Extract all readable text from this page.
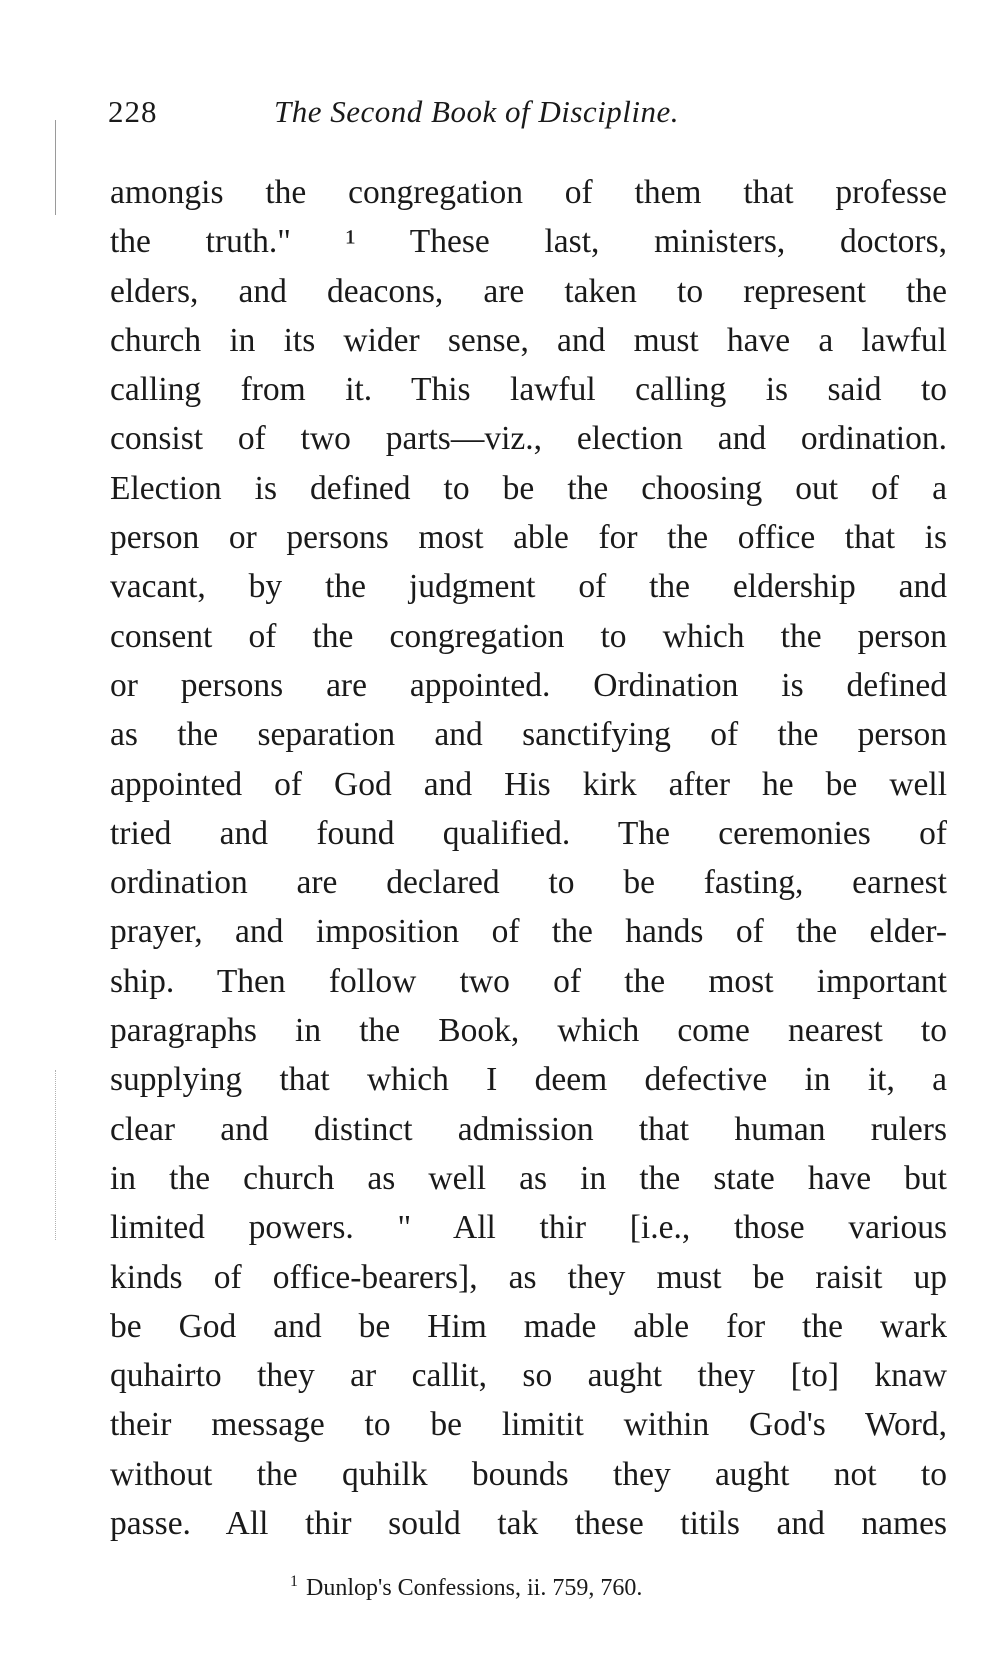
228	The Second Book of Discipline.
amongis the congregation of them that professe
the truth." ¹ These last, ministers, doctors,
elders, and deacons, are taken to represent the
church in its wider sense, and must have a lawful
calling from it. This lawful calling is said to
consist of two parts—viz., election and ordination.
Election is defined to be the choosing out of a
person or persons most able for the office that is
vacant, by the judgment of the eldership and
consent of the congregation to which the person
or persons are appointed. Ordination is defined
as the separation and sanctifying of the person
appointed of God and His kirk after he be well
tried and found qualified. The ceremonies of
ordination are declared to be fasting, earnest
prayer, and imposition of the hands of the elder-
ship. Then follow two of the most important
paragraphs in the Book, which come nearest to
supplying that which I deem defective in it, a
clear and distinct admission that human rulers
in the church as well as in the state have but
limited powers. " All thir [i.e., those various
kinds of office-bearers], as they must be raisit up
be God and be Him made able for the wark
quhairto they ar callit, so aught they [to] knaw
their message to be limitit within God's Word,
without the quhilk bounds they aught not to
passe. All thir sould tak these titils and names
$^1$ Dunlop's Confessions, ii. 759, 760.
